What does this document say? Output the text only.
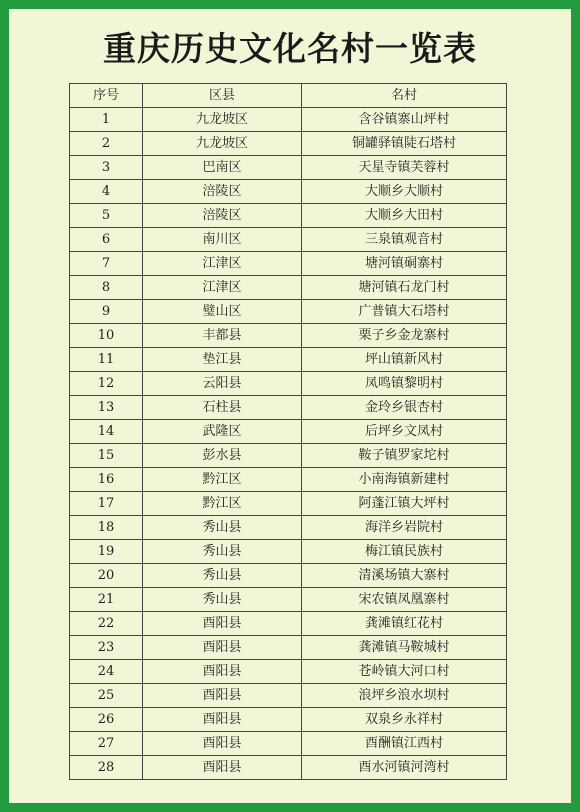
重庆历史文化名村一览表
序号	区县	名村
1	九龙坡区	含谷镇寨山坪村
2	九龙坡区	铜罐驿镇陡石塔村
3	巴南区	天星寺镇芙蓉村
4	涪陵区	大顺乡大顺村
5	涪陵区	大顺乡大田村
6	南川区	三泉镇观音村
7	江津区	塘河镇硐寨村
8	江津区	塘河镇石龙门村
9	璧山区	广普镇大石塔村
10	丰都县	栗子乡金龙寨村
11	垫江县	坪山镇新风村
12	云阳县	凤鸣镇黎明村
13	石柱县	金玲乡银杏村
14	武隆区	后坪乡文凤村
15	彭水县	鞍子镇罗家坨村
16	黔江区	小南海镇新建村
17	黔江区	阿蓬江镇大坪村
18	秀山县	海洋乡岩院村
19	秀山县	梅江镇民族村
20	秀山县	清溪场镇大寨村
21	秀山县	宋农镇凤凰寨村
22	酉阳县	龚滩镇红花村
23	酉阳县	龚滩镇马鞍城村
24	酉阳县	苍岭镇大河口村
25	酉阳县	浪坪乡浪水坝村
26	酉阳县	双泉乡永祥村
27	酉阳县	酉酬镇江西村
28	酉阳县	酉水河镇河湾村
